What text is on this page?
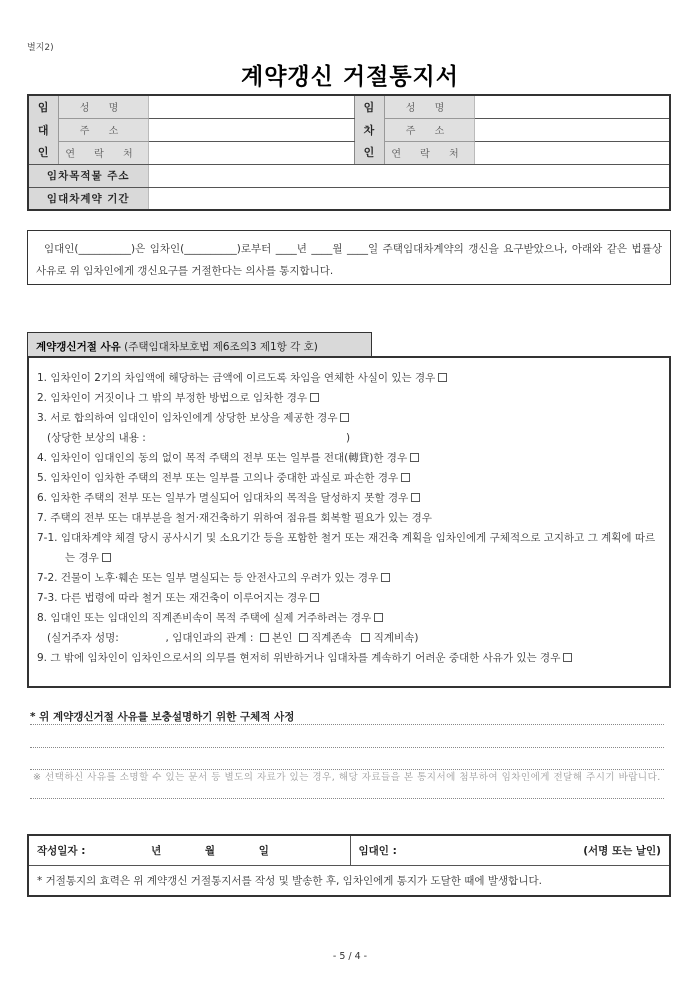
별지2)
계약갱신 거절통지서
임	성 명		임	성 명	
대	주 소		차	주 소	
인	연 락 처		인	연 락 처	
임차목적물 주소					
임대차계약 기간					

임대인(__________)은 임차인(__________)로부터 ____년 ____월 ____일 주택임대차계약의 갱신을 요구받았으나, 아래와 같은 법률상 사유로 위 임차인에게 갱신요구를 거절한다는 의사를 통지합니다.

계약갱신거절 사유 (주택임대차보호법 제6조의3 제1항 각 호)
1. 임차인이 2기의 차임액에 해당하는 금액에 이르도록 차임을 연체한 사실이 있는 경우
2. 임차인이 거짓이나 그 밖의 부정한 방법으로 임차한 경우
3. 서로 합의하여 임대인이 임차인에게 상당한 보상을 제공한 경우
(상당한 보상의 내용 :                                                            )
4. 임차인이 임대인의 동의 없이 목적 주택의 전부 또는 일부를 전대(轉貸)한 경우
5. 임차인이 임차한 주택의 전부 또는 일부를 고의나 중대한 과실로 파손한 경우
6. 임차한 주택의 전부 또는 일부가 멸실되어 임대차의 목적을 달성하지 못할 경우
7. 주택의 전부 또는 대부분을 철거·재건축하기 위하여 점유를 회복할 필요가 있는 경우
7-1. 임대차계약 체결 당시 공사시기 및 소요기간 등을 포함한 철거 또는 재건축 계획을 임차인에게 구체적으로 고지하고 그 계획에 따르는 경우
7-2. 건물이 노후·훼손 또는 일부 멸실되는 등 안전사고의 우려가 있는 경우
7-3. 다른 법령에 따라 철거 또는 재건축이 이루어지는 경우
8. 임대인 또는 임대인의 직계존비속이 목적 주택에 실제 거주하려는 경우
(실거주자 성명:              , 임대인과의 관계 : 본인 직계존속 직계비속)
9. 그 밖에 임차인이 임차인으로서의 의무를 현저히 위반하거나 임대차를 계속하기 어려운 중대한 사유가 있는 경우
* 위 계약갱신거절 사유를 보충설명하기 위한 구체적 사정
※ 선택하신 사유를 소명할 수 있는 문서 등 별도의 자료가 있는 경우, 해당 자료들을 본 통지서에 첨부하여 임차인에게 전달해 주시기 바랍니다.
작성일자 :	년	월	일	임대인 :	(서명 또는 날인)

* 거절통지의 효력은 위 계약갱신 거절통지서를 작성 및 발송한 후, 임차인에게 통지가 도달한 때에 발생합니다.
- 5 / 4 -
